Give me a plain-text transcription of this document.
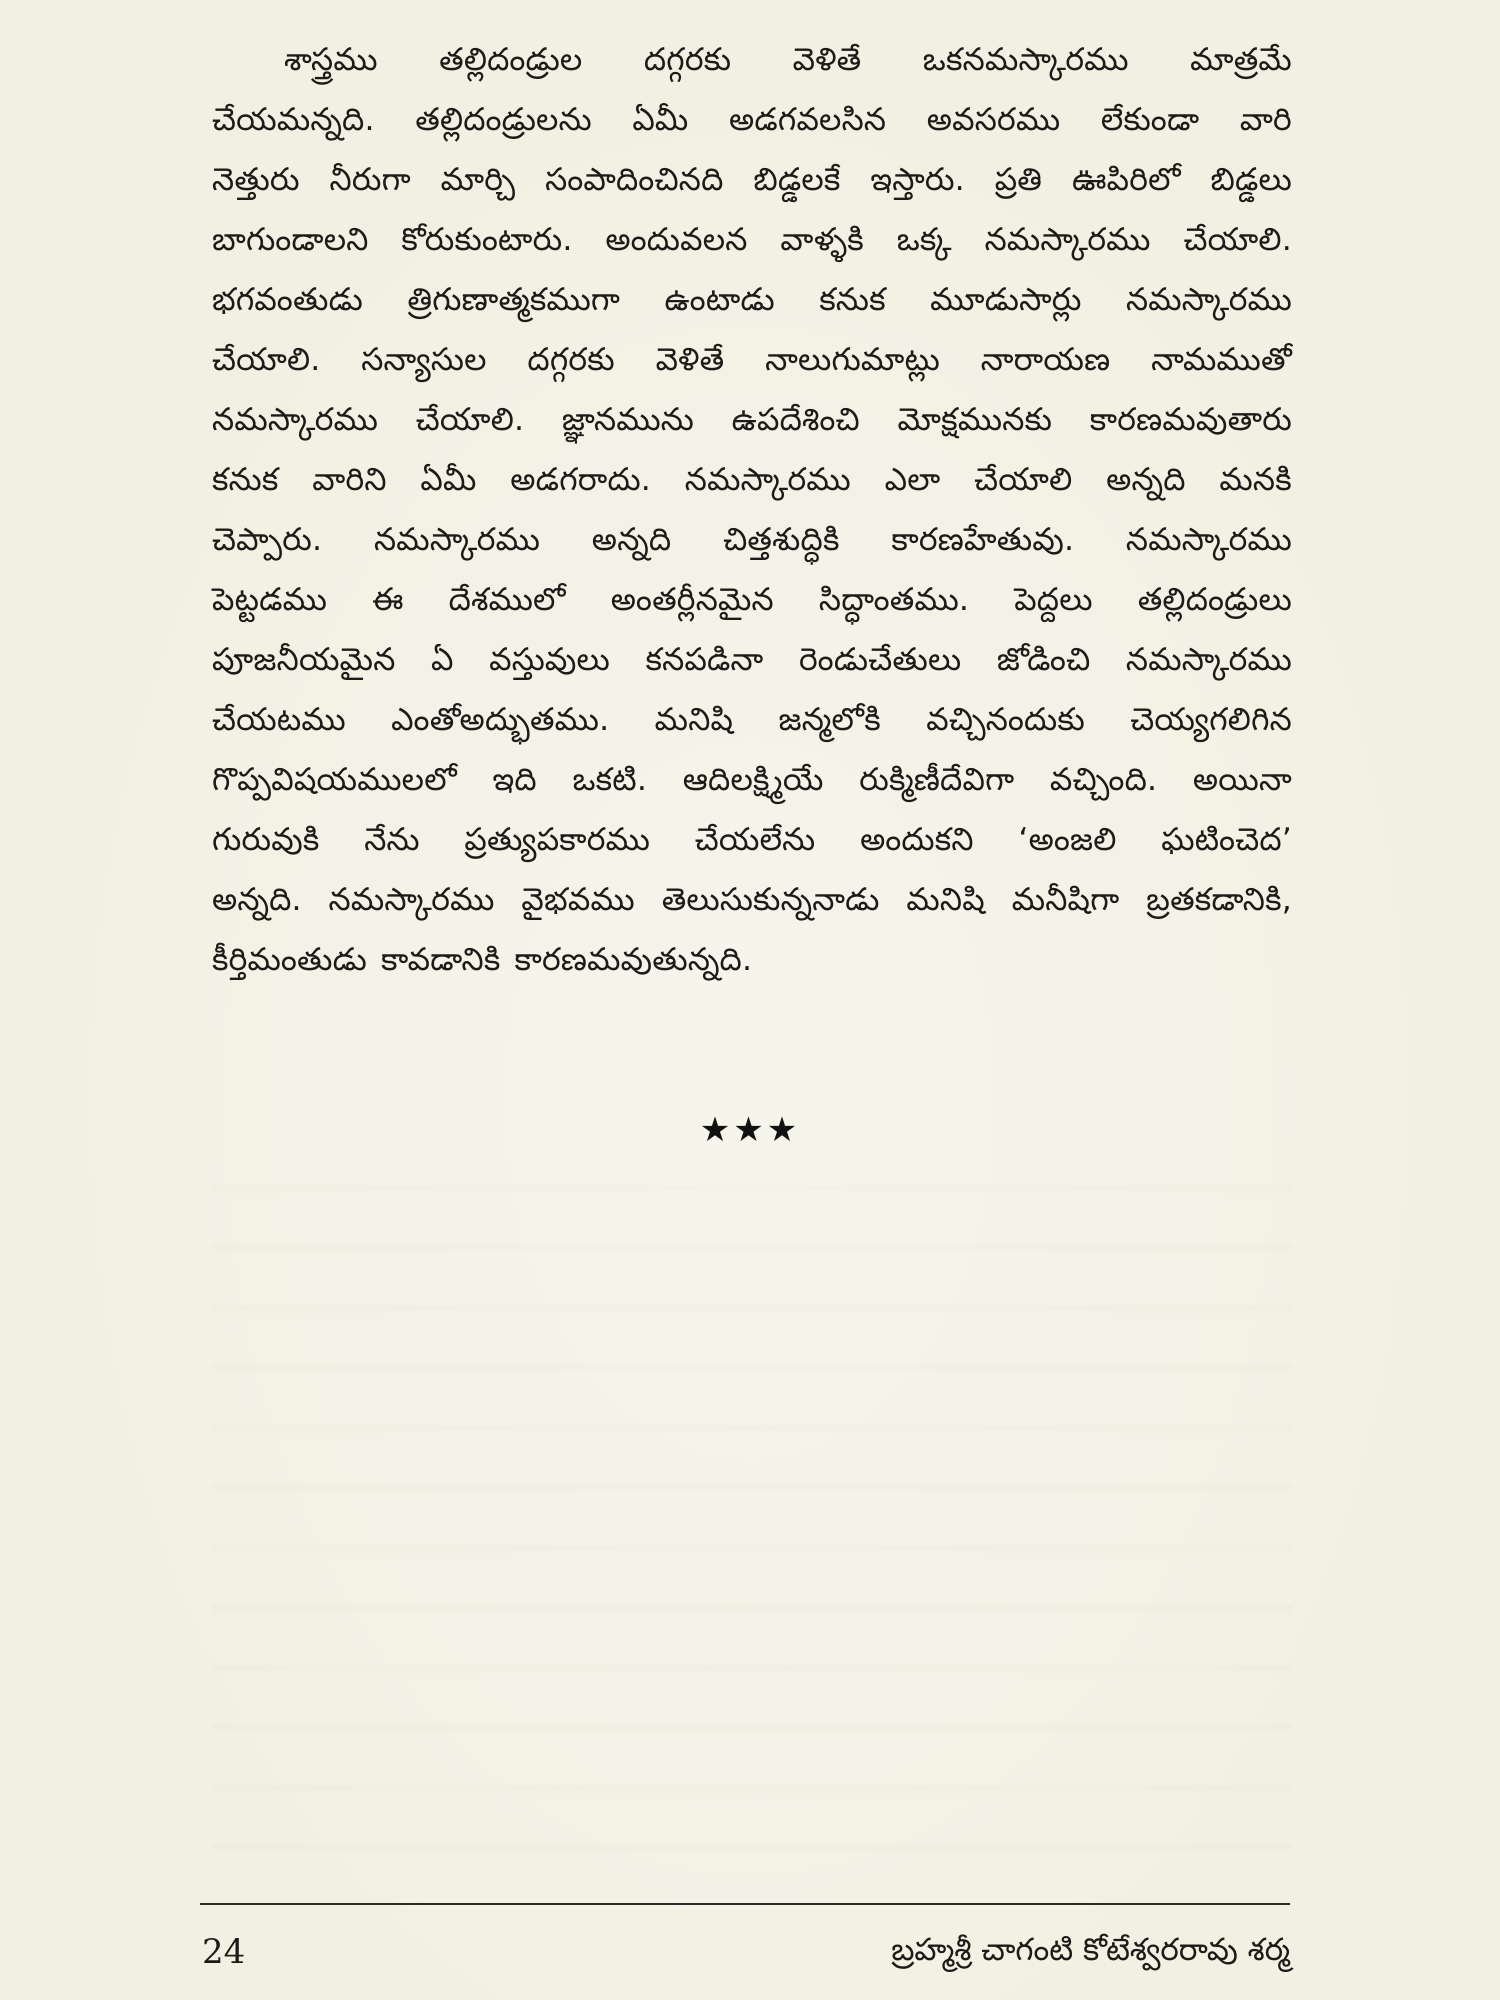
శాస్త్రము తల్లిదండ్రుల దగ్గరకు వెళితే ఒకనమస్కారము మాత్రమే
చేయమన్నది. తల్లిదండ్రులను ఏమీ అడగవలసిన అవసరము లేకుండా వారి
నెత్తురు నీరుగా మార్చి సంపాదించినది బిడ్డలకే ఇస్తారు. ప్రతి ఊపిరిలో బిడ్డలు
బాగుండాలని కోరుకుంటారు. అందువలన వాళ్ళకి ఒక్క నమస్కారము చేయాలి.
భగవంతుడు త్రిగుణాత్మకముగా ఉంటాడు కనుక మూడుసార్లు నమస్కారము
చేయాలి. సన్యాసుల దగ్గరకు వెళితే నాలుగుమాట్లు నారాయణ నామముతో
నమస్కారము చేయాలి. జ్ఞానమును ఉపదేశించి మోక్షమునకు కారణమవుతారు
కనుక వారిని ఏమీ అడగరాదు. నమస్కారము ఎలా చేయాలి అన్నది మనకి
చెప్పారు. నమస్కారము అన్నది చిత్తశుద్ధికి కారణహేతువు. నమస్కారము
పెట్టడము ఈ దేశములో అంతర్లీనమైన సిద్ధాంతము. పెద్దలు తల్లిదండ్రులు
పూజనీయమైన ఏ వస్తువులు కనపడినా రెండుచేతులు జోడించి నమస్కారము
చేయటము ఎంతోఅద్భుతము. మనిషి జన్మలోకి వచ్చినందుకు చెయ్యగలిగిన
గొప్పవిషయములలో ఇది ఒకటి. ఆదిలక్ష్మియే రుక్మిణీదేవిగా వచ్చింది. అయినా
గురువుకి నేను ప్రత్యుపకారము చేయలేను అందుకని ‘అంజలి ఘటించెద’
అన్నది. నమస్కారము వైభవము తెలుసుకున్ననాడు మనిషి మనీషిగా బ్రతకడానికి,
కీర్తిమంతుడు కావడానికి కారణమవుతున్నది.
★★★
24	బ్రహ్మశ్రీ చాగంటి కోటేశ్వరరావు శర్మ
